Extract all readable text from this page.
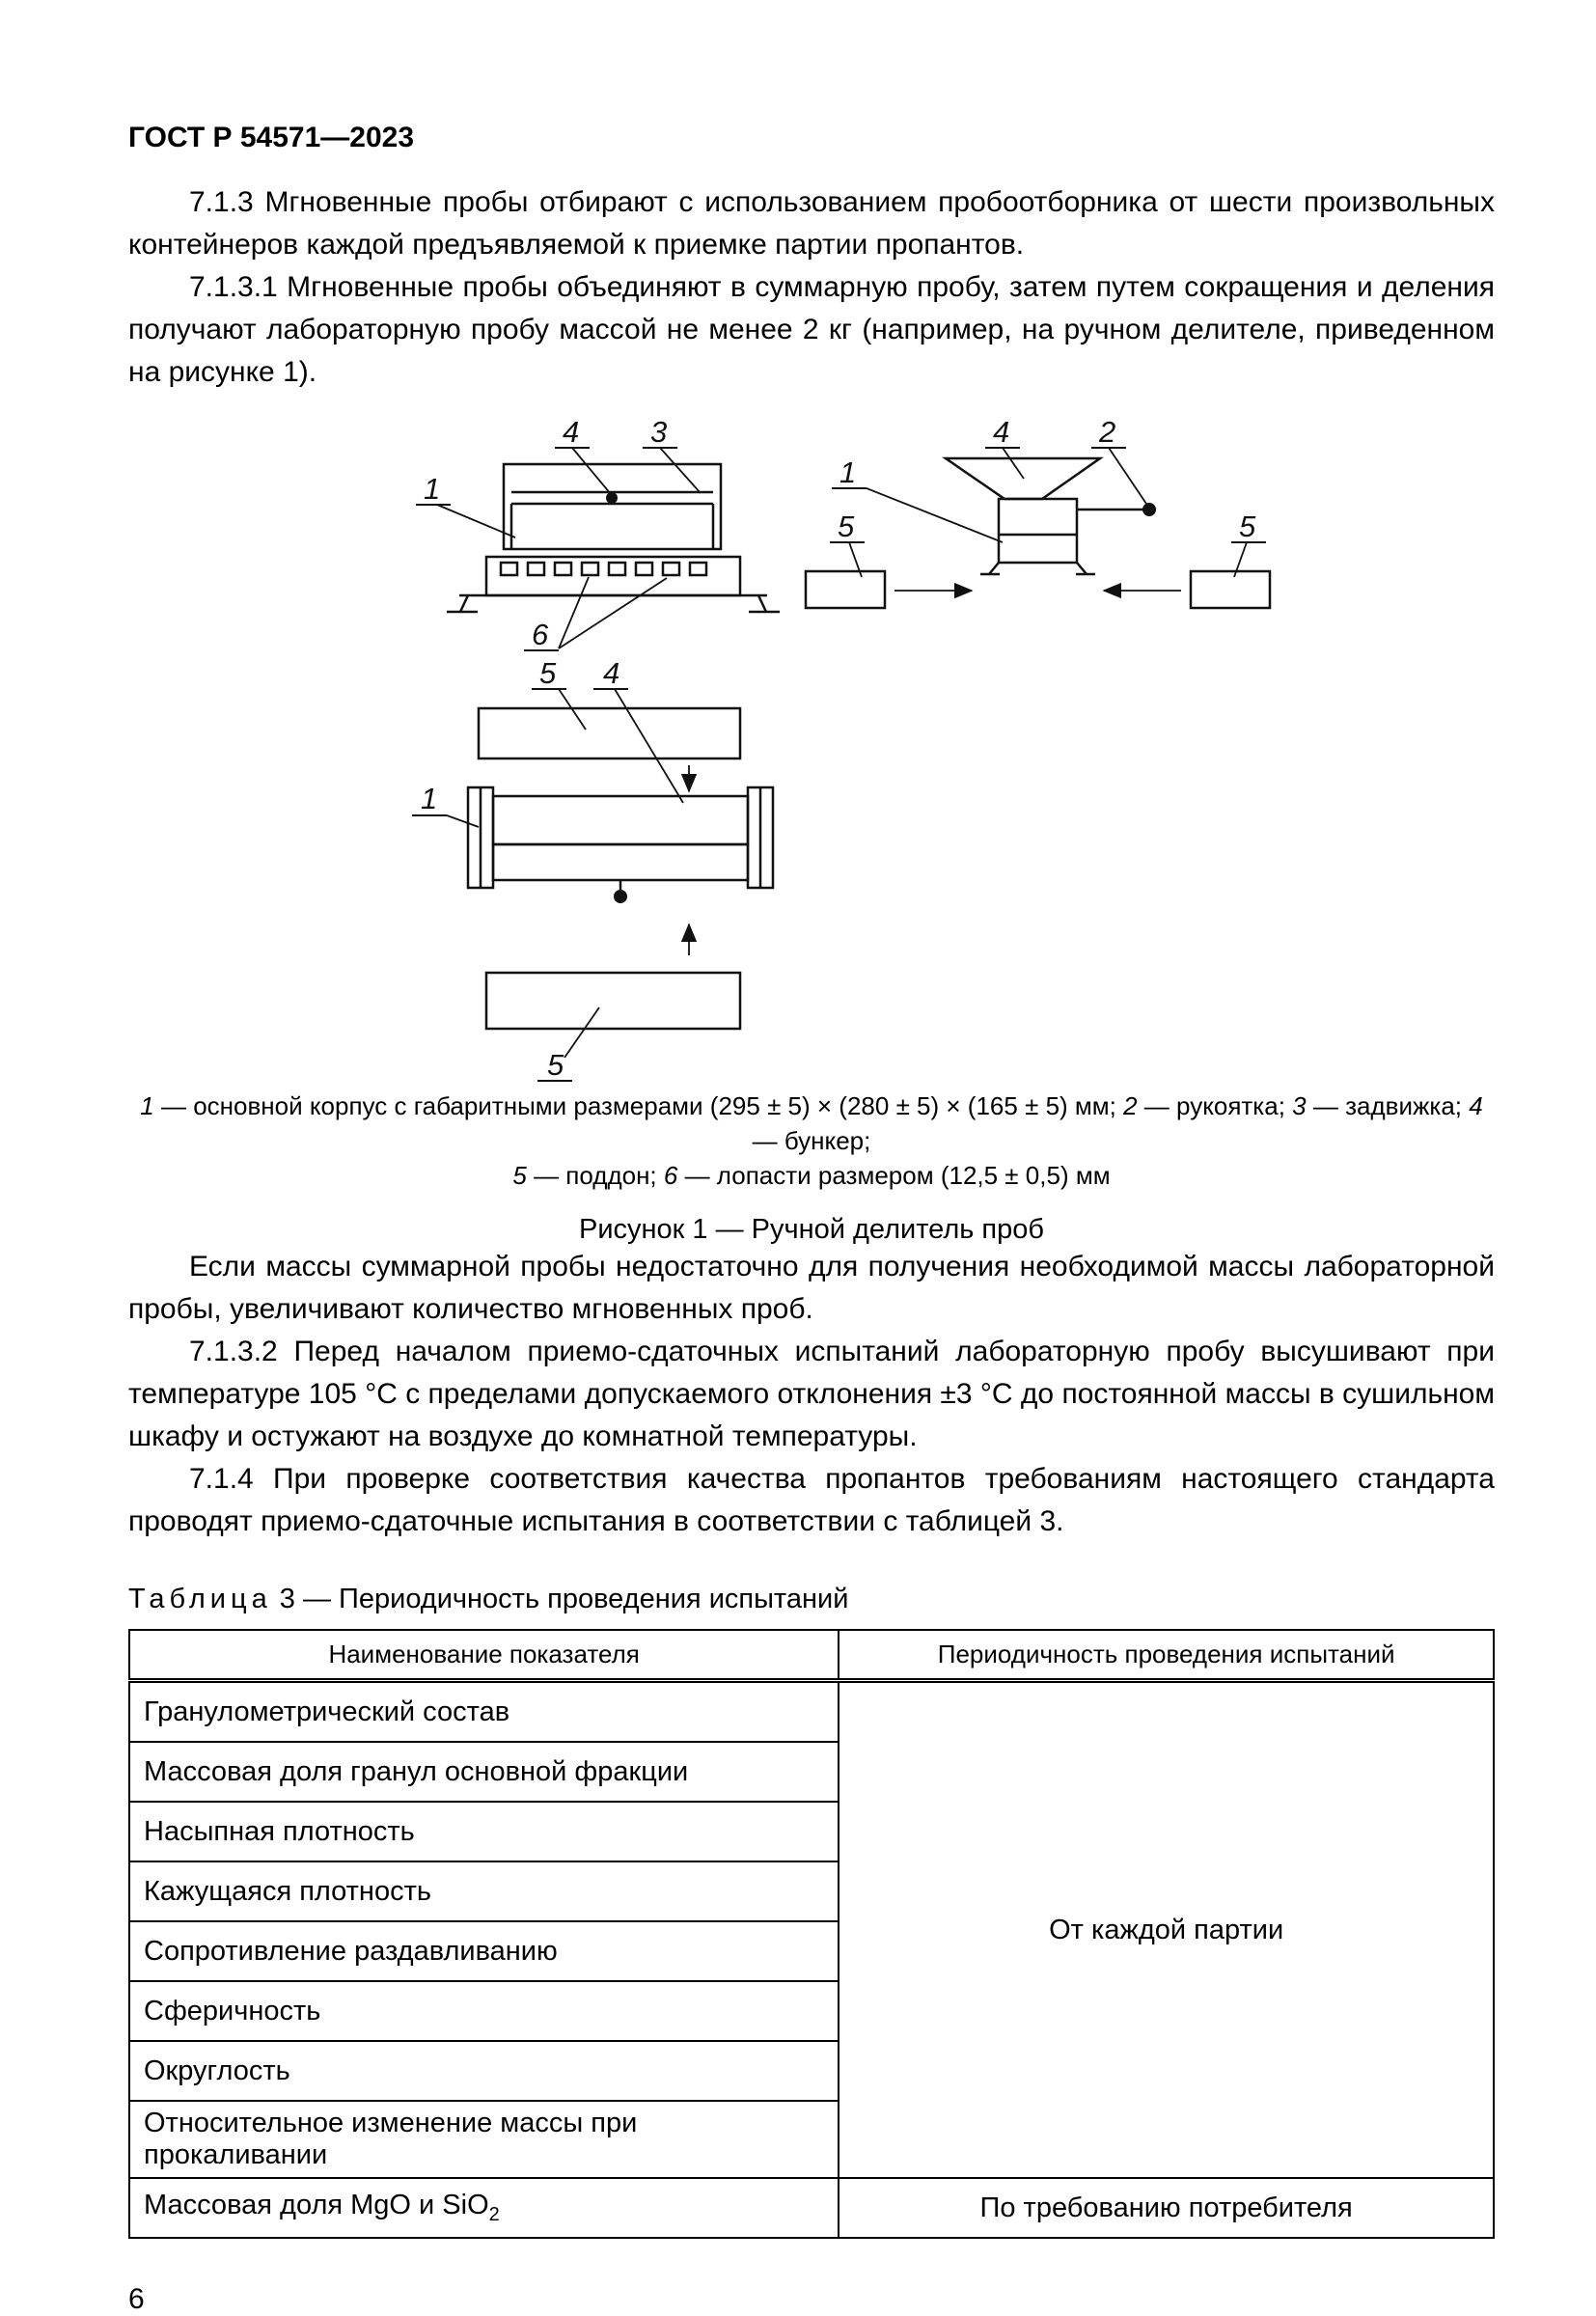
ГОСТ Р 54571—2023

7.1.3 Мгновенные пробы отбирают с использованием пробоотборника от шести произвольных контейнеров каждой предъявляемой к приемке партии пропантов.

7.1.3.1 Мгновенные пробы объединяют в суммарную пробу, затем путем сокращения и деления получают лабораторную пробу массой не менее 2 кг (например, на ручном делителе, приведенном на рисунке 1).

4 3
1
6
4	2
1
5	5
5 4
1
5
1 — основной корпус с габаритными размерами (295 ± 5) × (280 ± 5) × (165 ± 5) мм; 2 — рукоятка; 3 — задвижка; 4 — бункер;
5 — поддон; 6 — лопасти размером (12,5 ± 0,5) мм
Рисунок 1 — Ручной делитель проб

Если массы суммарной пробы недостаточно для получения необходимой массы лабораторной пробы, увеличивают количество мгновенных проб.

7.1.3.2 Перед началом приемо-сдаточных испытаний лабораторную пробу высушивают при температуре 105 °С с пределами допускаемого отклонения ±3 °С до постоянной массы в сушильном шкафу и остужают на воздухе до комнатной температуры.

7.1.4 При проверке соответствия качества пропантов требованиям настоящего стандарта проводят приемо-сдаточные испытания в соответствии с таблицей 3.

Таблица 3 — Периодичность проведения испытаний
Наименование показателя	Периодичность проведения испытаний
Гранулометрический состав	От каждой партии
Массовая доля гранул основной фракции	
Насыпная плотность	
Кажущаяся плотность	
Сопротивление раздавливанию	
Сферичность	
Округлость	
Относительное изменение массы при прокаливании	
Массовая доля MgO и SiO$_2$	По требованию потребителя
6
